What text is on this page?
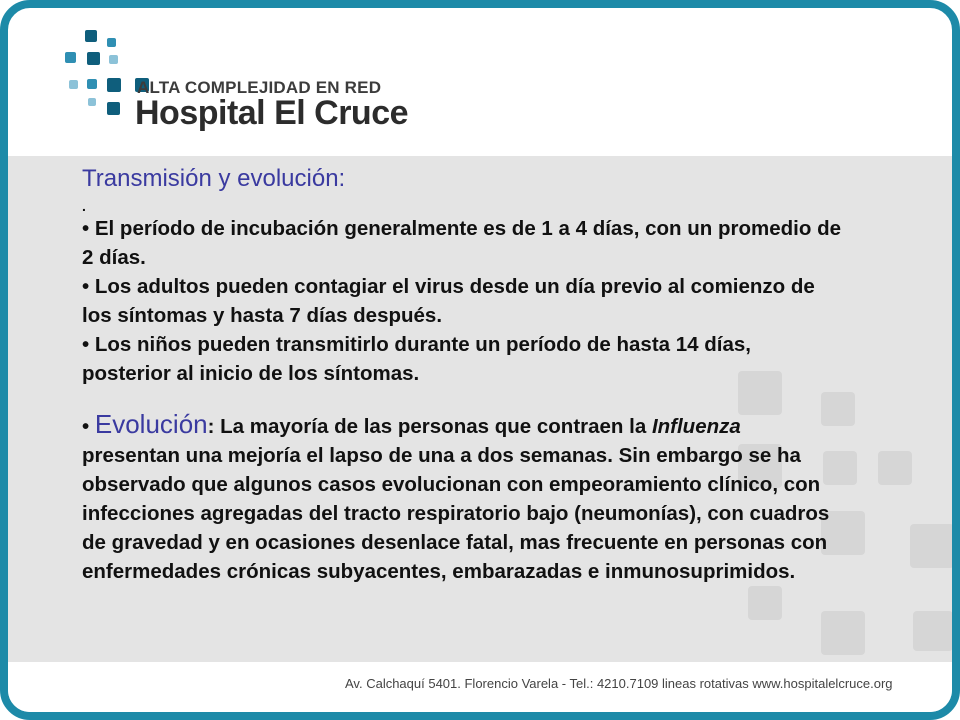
ALTA COMPLEJIDAD EN RED
Hospital El Cruce
Transmisión y evolución:
.

• El período de incubación generalmente es de 1 a 4 días, con un promedio de 2 días.

• Los adultos pueden contagiar el virus desde un día previo al comienzo de los síntomas y hasta 7 días después.

• Los niños pueden transmitirlo durante un período de hasta 14 días, posterior al inicio de los síntomas.

• Evolución: La mayoría de las personas que contraen la Influenza presentan una mejoría el lapso de una a dos semanas. Sin embargo se ha observado que algunos casos evolucionan con empeoramiento clínico, con infecciones agregadas del tracto respiratorio bajo (neumonías), con cuadros de gravedad y en ocasiones desenlace fatal, mas frecuente en personas con enfermedades crónicas subyacentes, embarazadas e inmunosuprimidos.

Av. Calchaquí 5401. Florencio Varela - Tel.: 4210.7109 lineas rotativas www.hospitalelcruce.org
